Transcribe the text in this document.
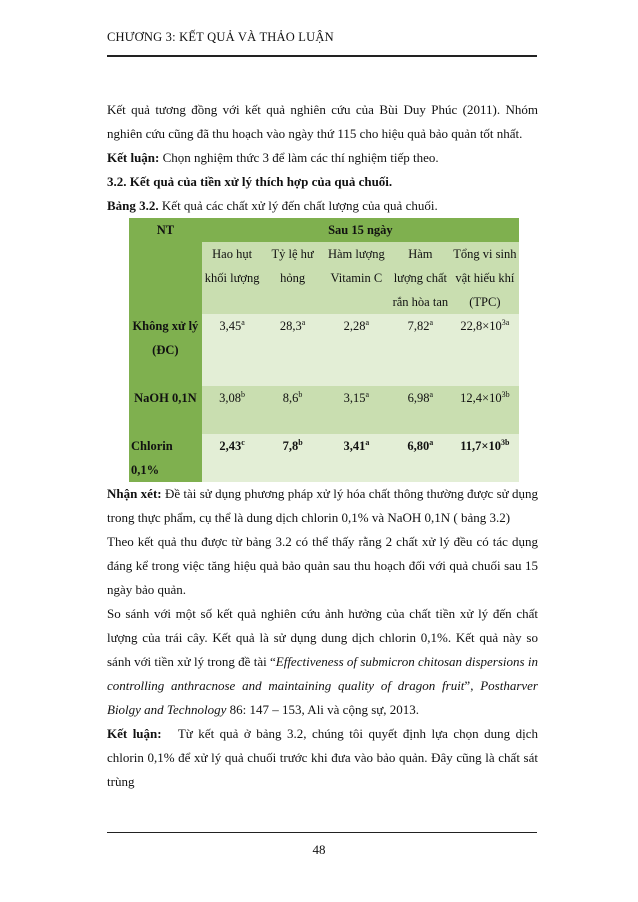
CHƯƠNG 3: KẾT QUẢ VÀ THẢO LUẬN

Kết quả tương đồng với kết quả nghiên cứu của Bùi Duy Phúc (2011). Nhóm nghiên cứu cũng đã thu hoạch vào ngày thứ 115 cho hiệu quả bảo quản tốt nhất.

Kết luận: Chọn nghiệm thức 3 để làm các thí nghiệm tiếp theo.

3.2. Kết quả của tiền xử lý thích hợp của quả chuối.

Bảng 3.2. Kết quả các chất xử lý đến chất lượng của quả chuối.

NT	Sau 15 ngày				
	Hao hụt khối lượng	Tỷ lệ hư hỏng	Hàm lượng Vitamin C	Hàm lượng chất rắn hòa tan	Tổng vi sinh vật hiếu khí (TPC)
Không xử lý (ĐC)	3,45$^a$	28,3$^a$	2,28$^a$	7,82$^a$	$22,8\times 10^{3a}$
NaOH 0,1N	3,08$^b$	8,6$^b$	3,15$^a$	6,98$^a$	$12,4\times 10^{3b}$
Chlorin 0,1%	2,43$^c$	7,8$^b$	3,41$^a$	6,80$^a$	$11,7\times 10^{3b}$

Nhận xét: Đề tài sử dụng phương pháp xử lý hóa chất thông thường được sử dụng trong thực phẩm, cụ thể là dung dịch chlorin 0,1% và NaOH 0,1N ( bảng 3.2)

Theo kết quả thu được từ bảng 3.2 có thể thấy rằng 2 chất xử lý đều có tác dụng đáng kể trong việc tăng hiệu quả bảo quản sau thu hoạch đối với quả chuối sau 15 ngày bảo quản.

So sánh với một số kết quả nghiên cứu ảnh hưởng của chất tiền xử lý đến chất lượng của trái cây. Kết quả là sử dụng dung dịch chlorin 0,1%. Kết quả này so sánh với tiền xử lý trong đề tài “Effectiveness of submicron chitosan dispersions in controlling anthracnose and maintaining quality of dragon fruit”, Postharver Biolgy and Technology 86: 147 – 153, Ali và cộng sự, 2013.

Kết luận:   Từ kết quả ở bảng 3.2, chúng tôi quyết định lựa chọn dung dịch chlorin 0,1% để xử lý quả chuối trước khi đưa vào bảo quản. Đây cũng là chất sát trùng

48
